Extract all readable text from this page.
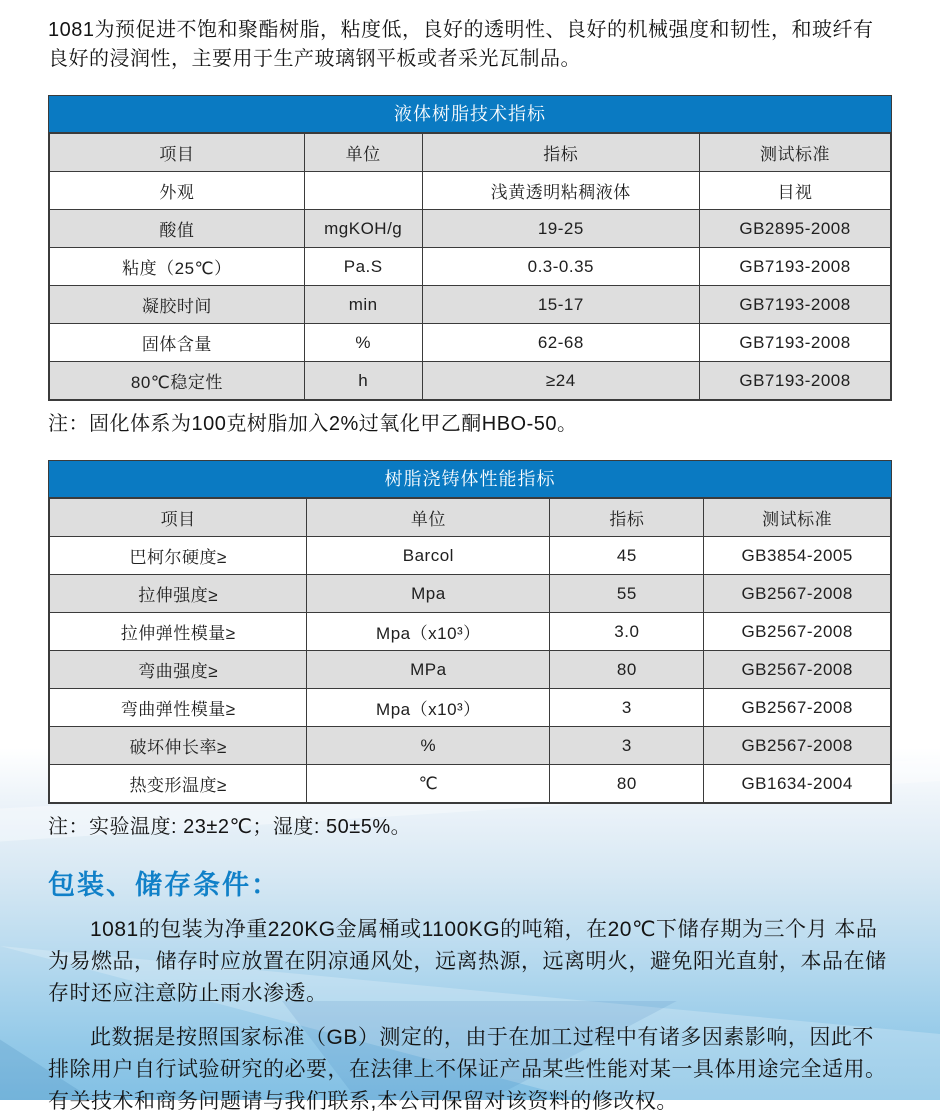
1081为预促进不饱和聚酯树脂，粘度低，良好的透明性、良好的机械强度和韧性，和玻纤有良好的浸润性，主要用于生产玻璃钢平板或者采光瓦制品。

液体树脂技术指标
项目	单位	指标	测试标准
外观		浅黄透明粘稠液体	目视
酸值	mgKOH/g	19-25	GB2895-2008
粘度（25℃）	Pa.S	0.3-0.35	GB7193-2008
凝胶时间	min	15-17	GB7193-2008
固体含量	%	62-68	GB7193-2008
80℃稳定性	h	≥24	GB7193-2008

注：固化体系为100克树脂加入2%过氧化甲乙酮HBO-50。

树脂浇铸体性能指标
项目	单位	指标	测试标准
巴柯尔硬度≥	Barcol	45	GB3854-2005
拉伸强度≥	Mpa	55	GB2567-2008
拉伸弹性模量≥	Mpa（x10³）	3.0	GB2567-2008
弯曲强度≥	MPa	80	GB2567-2008
弯曲弹性模量≥	Mpa（x10³）	3	GB2567-2008
破坏伸长率≥	%	3	GB2567-2008
热变形温度≥	℃	80	GB1634-2004

注：实验温度: 23±2℃；湿度: 50±5%。

包装、储存条件：

1081的包装为净重220KG金属桶或1100KG的吨箱，在20℃下储存期为三个月 本品为易燃品，储存时应放置在阴凉通风处，远离热源，远离明火，避免阳光直射，本品在储存时还应注意防止雨水渗透。

此数据是按照国家标准（GB）测定的，由于在加工过程中有诸多因素影响，因此不排除用户自行试验研究的必要，在法律上不保证产品某些性能对某一具体用途完全适用。有关技术和商务问题请与我们联系,本公司保留对该资料的修改权。
